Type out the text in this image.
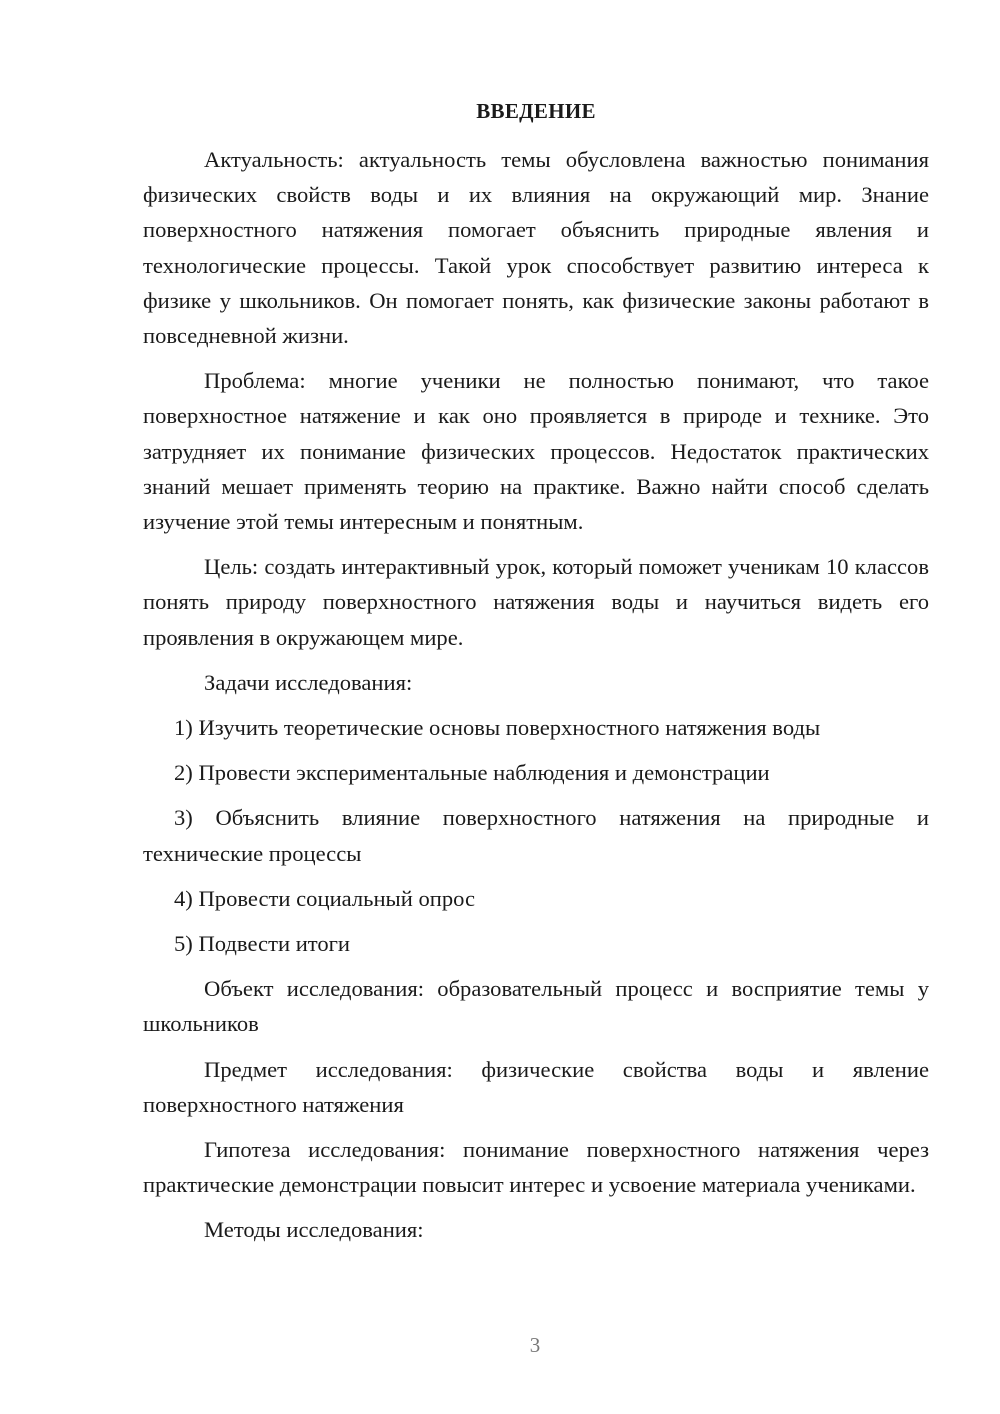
ВВЕДЕНИЕ

Актуальность: актуальность темы обусловлена важностью понимания физических свойств воды и их влияния на окружающий мир. Знание поверхностного натяжения помогает объяснить природные явления и технологические процессы. Такой урок способствует развитию интереса к физике у школьников. Он помогает понять, как физические законы работают в повседневной жизни.

Проблема: многие ученики не полностью понимают, что такое поверхностное натяжение и как оно проявляется в природе и технике. Это затрудняет их понимание физических процессов. Недостаток практических знаний мешает применять теорию на практике. Важно найти способ сделать изучение этой темы интересным и понятным.

Цель: создать интерактивный урок, который поможет ученикам 10 классов понять природу поверхностного натяжения воды и научиться видеть его проявления в окружающем мире.

Задачи исследования:

1) Изучить теоретические основы поверхностного натяжения воды

2) Провести экспериментальные наблюдения и демонстрации

3) Объяснить влияние поверхностного натяжения на природные и технические процессы

4) Провести социальный опрос

5) Подвести итоги

Объект исследования: образовательный процесс и восприятие темы у школьников

Предмет исследования: физические свойства воды и явление поверхностного натяжения

Гипотеза исследования: понимание поверхностного натяжения через практические демонстрации повысит интерес и усвоение материала учениками.

Методы исследования:

3
